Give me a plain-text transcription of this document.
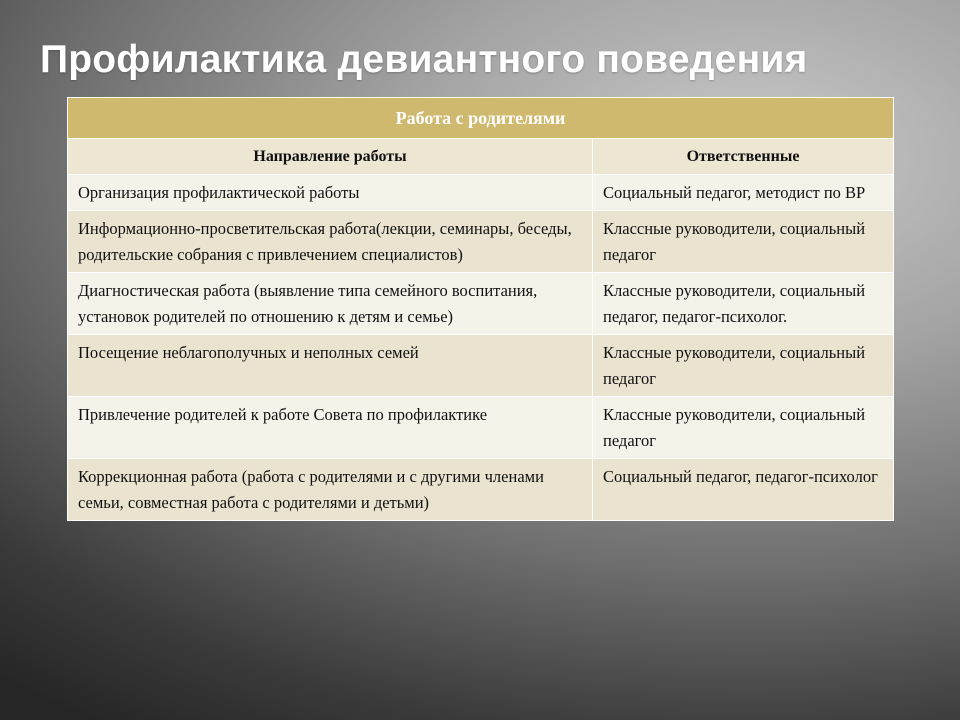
Профилактика девиантного поведения
Работа с родителями	
Направление работы	Ответственные
Организация профилактической работы	Социальный педагог, методист по ВР
Информационно-просветительская работа(лекции, семинары, беседы, родительские собрания с привлечением специалистов)	Классные руководители, социальный педагог
Диагностическая работа (выявление типа семейного воспитания, установок родителей по отношению к детям и семье)	Классные руководители, социальный педагог, педагог-психолог.
Посещение неблагополучных и неполных семей	Классные руководители, социальный педагог
Привлечение родителей к работе Совета по профилактике	Классные руководители, социальный педагог
Коррекционная работа (работа с родителями и с другими членами семьи, совместная работа с родителями и детьми)	Социальный педагог, педагог-психолог
